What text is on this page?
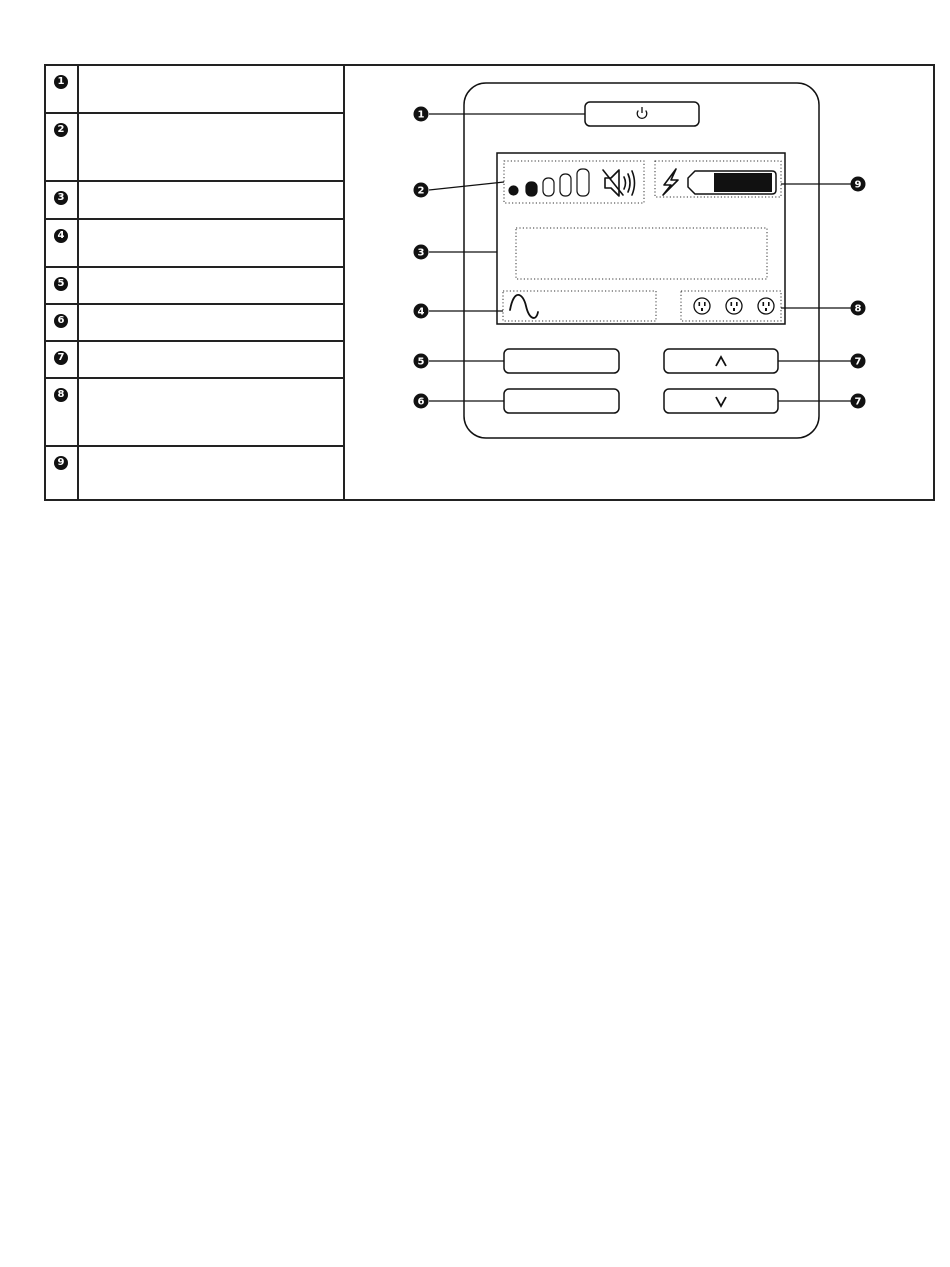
1
2
3
4
5
6
7
8
9
1
2
3
4
5
6
9
8
7
7
